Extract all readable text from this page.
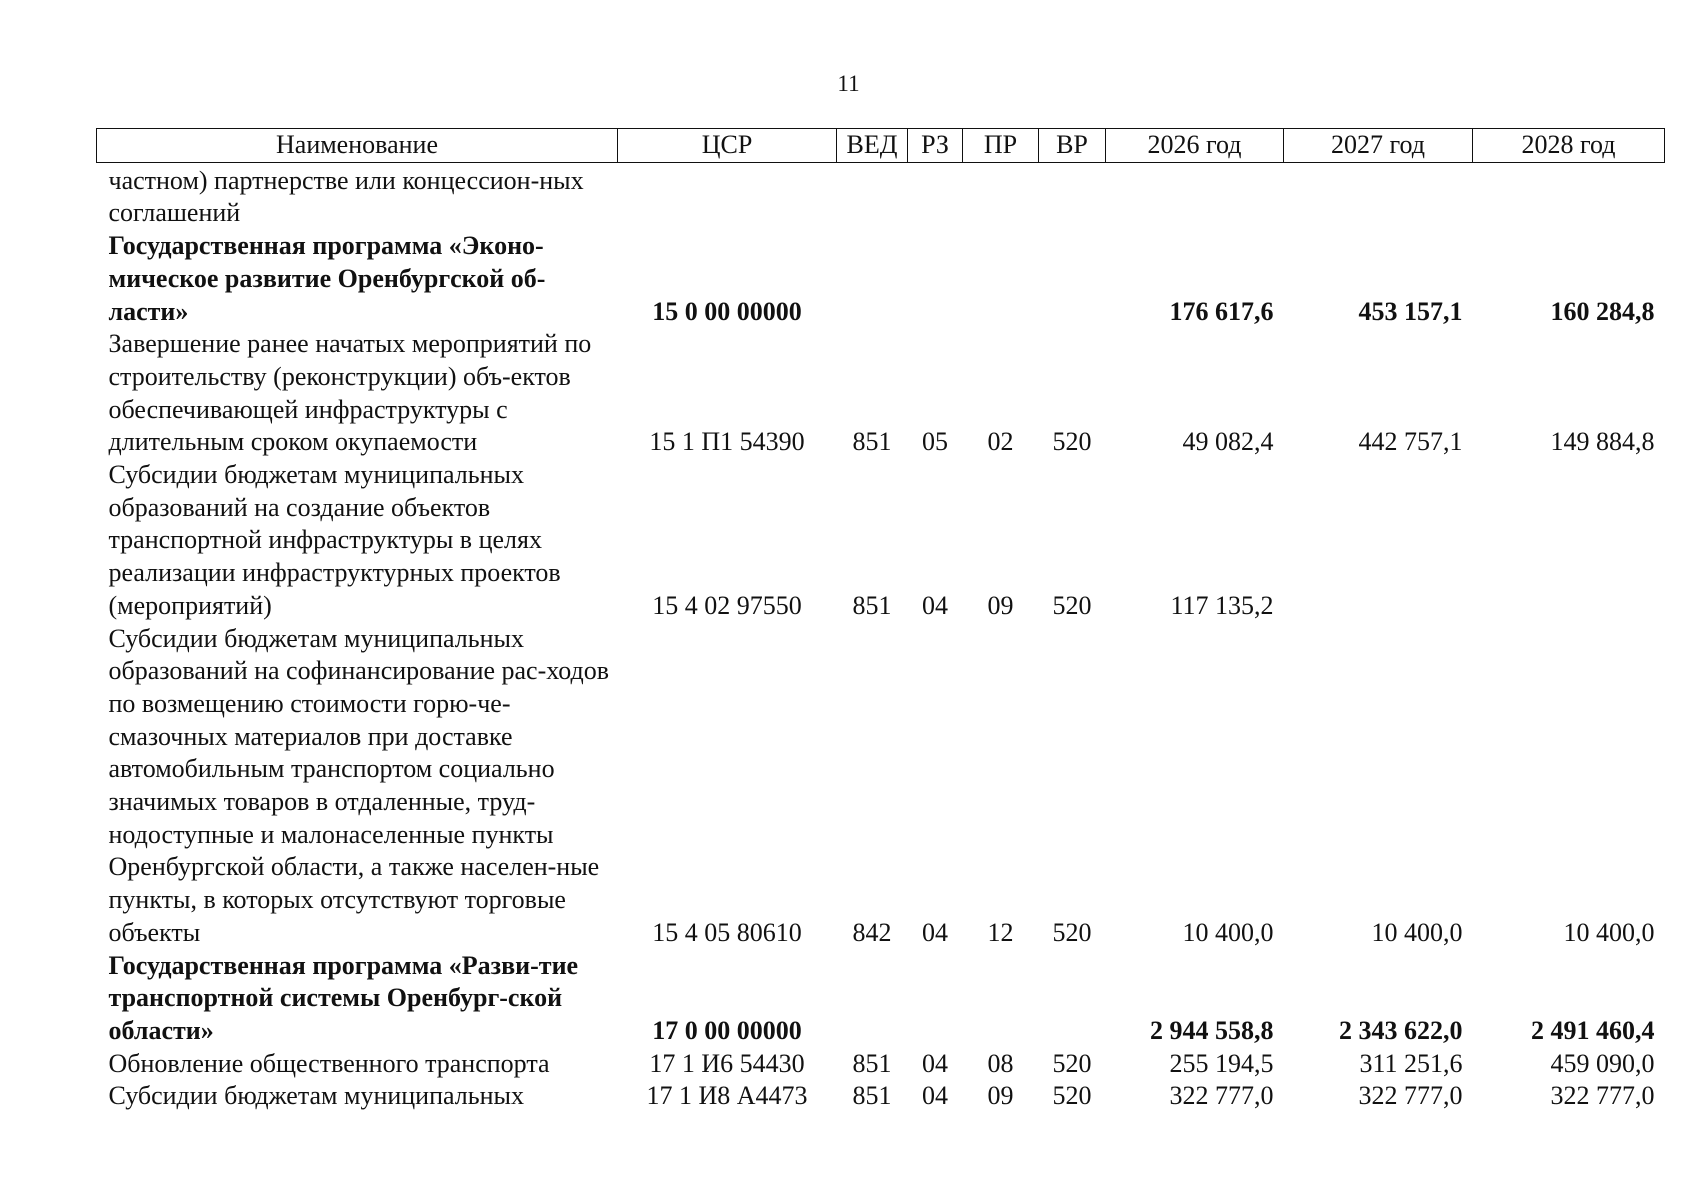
11
Наименование	ЦСР	ВЕД	РЗ	ПР	ВР	2026 год	2027 год	2028 год
частном) партнерстве или концессион-ных соглашений								
Государственная программа «Эконо-мическое развитие Оренбургской об-ласти»	15 0 00 00000					176 617,6	453 157,1	160 284,8
Завершение ранее начатых мероприятий по строительству (реконструкции) объ-ектов обеспечивающей инфраструктуры с длительным сроком окупаемости	15 1 П1 54390	851	05	02	520	49 082,4	442 757,1	149 884,8
Субсидии бюджетам муниципальных образований на создание объектов транспортной инфраструктуры в целях реализации инфраструктурных проектов (мероприятий)	15 4 02 97550	851	04	09	520	117 135,2		
Субсидии бюджетам муниципальных образований на софинансирование рас-ходов по возмещению стоимости горю-че-смазочных материалов при доставке автомобильным транспортом социально значимых товаров в отдаленные, труд-нодоступные и малонаселенные пункты Оренбургской области, а также населен-ные пункты, в которых отсутствуют торговые объекты	15 4 05 80610	842	04	12	520	10 400,0	10 400,0	10 400,0
Государственная программа «Разви-тие транспортной системы Оренбург-ской области»	17 0 00 00000					2 944 558,8	2 343 622,0	2 491 460,4
Обновление общественного транспорта	17 1 И6 54430	851	04	08	520	255 194,5	311 251,6	459 090,0
Субсидии бюджетам муниципальных	17 1 И8 А4473	851	04	09	520	322 777,0	322 777,0	322 777,0
